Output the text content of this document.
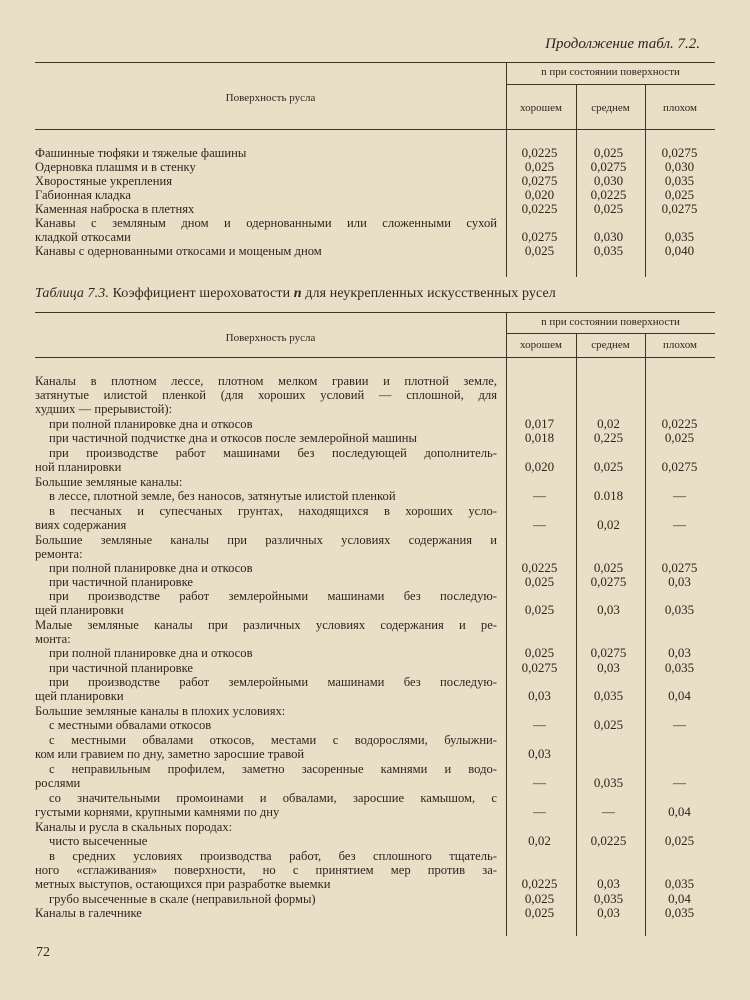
Продолжение табл. 7.2.
Поверхность русла
n при состоянии поверхности
хорошем	среднем	плохом
Фашинные тюфяки и тяжелые фашины	0,0225	0,025	0,0275
Одерновка плашмя и в стенку	0,025	0,0275	0,030
Хворостяные укрепления	0,0275	0,030	0,035
Габионная кладка	0,020	0,0225	0,025
Каменная наброска в плетнях	0,0225	0,025	0,0275
Канавы с земляным дном и одернованными или сложенными сухой
кладкой откосами	0,0275	0,030	0,035
Канавы с одернованными откосами и мощеным дном	0,025	0,035	0,040
Таблица 7.3. Коэффициент шероховатости n для неукрепленных искусственных русел
Поверхность русла
n при состоянии поверхности
хорошем	среднем	плохом
Каналы в плотном лессе, плотном мелком гравии и плотной земле,
затянутые илистой пленкой (для хороших условий — сплошной, для
худших — прерывистой):
при полной планировке дна и откосов	0,017	0,02	0,0225
при частичной подчистке дна и откосов после землеройной машины	0,018	0,225	0,025
при производстве работ машинами без последующей дополнитель-
ной планировки	0,020	0,025	0,0275
Большие земляные каналы:
в лессе, плотной земле, без наносов, затянутые илистой пленкой	—	0.018	—
в песчаных и супесчаных грунтах, находящихся в хороших усло-
виях содержания	—	0,02	—
Большие земляные каналы при различных условиях содержания и
ремонта:
при полной планировке дна и откосов	0,0225	0,025	0,0275
при частичной планировке	0,025	0,0275	0,03
при производстве работ землеройными машинами без последую-
щей планировки	0,025	0,03	0,035
Малые земляные каналы при различных условиях содержания и ре-
монта:
при полной планировке дна и откосов	0,025	0,0275	0,03
при частичной планировке	0,0275	0,03	0,035
при производстве работ землеройными машинами без последую-
щей планировки	0,03	0,035	0,04
Большие земляные каналы в плохих условиях:
с местными обвалами откосов	—	0,025	—
с местными обвалами откосов, местами с водорослями, булыжни-
ком или гравием по дну, заметно заросшие травой	0,03
с неправильным профилем, заметно засоренные камнями и водо-
рослями	—	0,035	—
со значительными промоинами и обвалами, заросшие камышом, с
густыми корнями, крупными камнями по дну	—	—	0,04
Каналы и русла в скальных породах:
чисто высеченные	0,02	0,0225	0,025
в средних условиях производства работ, без сплошного тщатель-
ного «сглаживания» поверхности, но с принятием мер против за-
метных выступов, остающихся при разработке выемки	0,0225	0,03	0,035
грубо высеченные в скале (неправильной формы)	0,025	0,035	0,04
Каналы в галечнике	0,025	0,03	0,035
72
